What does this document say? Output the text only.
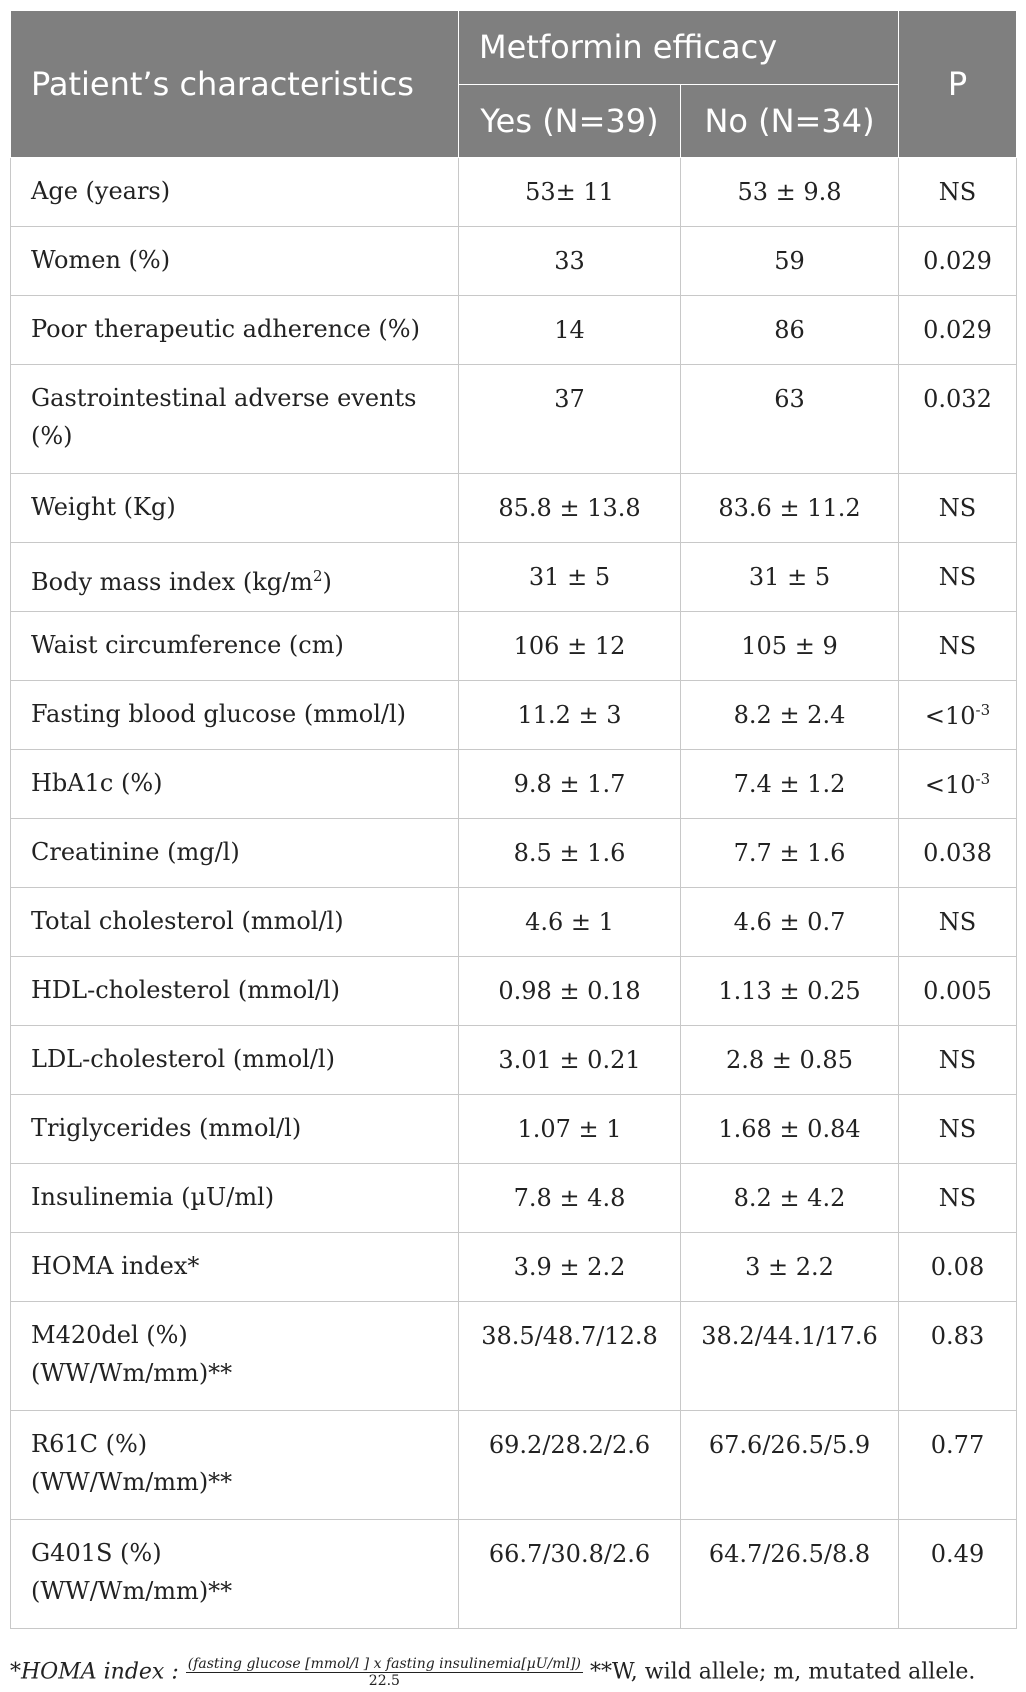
Patient’s characteristics	Metformin efficacy		P
	Yes (N=39)	No (N=34)	
Age (years)	53± 11	53 ± 9.8	NS
Women (%)	33	59	0.029
Poor therapeutic adherence (%)	14	86	0.029
Gastrointestinal adverse events (%)	37	63	0.032
Weight (Kg)	85.8 ± 13.8	83.6 ± 11.2	NS
Body mass index $(kg/m^2)$	31 ± 5	31 ± 5	NS
Waist circumference (cm)	106 ± 12	105 ± 9	NS
Fasting blood glucose (mmol/l)	11.2 ± 3	8.2 ± 2.4	$<10^{-3}$
HbA1c (%)	9.8 ± 1.7	7.4 ± 1.2	$<10^{-3}$
Creatinine (mg/l)	8.5 ± 1.6	7.7 ± 1.6	0.038
Total cholesterol (mmol/l)	4.6 ± 1	4.6 ± 0.7	NS
HDL-cholesterol (mmol/l)	0.98 ± 0.18	1.13 ± 0.25	0.005
LDL-cholesterol (mmol/l)	3.01 ± 0.21	2.8 ± 0.85	NS
Triglycerides (mmol/l)	1.07 ± 1	1.68 ± 0.84	NS
Insulinemia (µU/ml)	7.8 ± 4.8	8.2 ± 4.2	NS
HOMA index*	3.9 ± 2.2	3 ± 2.2	0.08
M420del (%)
(WW/Wm/mm)**	38.5/48.7/12.8	38.2/44.1/17.6	0.83
R61C (%)
(WW/Wm/mm)**	69.2/28.2/2.6	67.6/26.5/5.9	0.77
G401S (%)
(WW/Wm/mm)**	66.7/30.8/2.6	64.7/26.5/8.8	0.49
*HOMA index : (fasting glucose [mmol/l ] x fasting insulinemia[µU/ml])
22.5	**W, wild allele; m, mutated allele.
